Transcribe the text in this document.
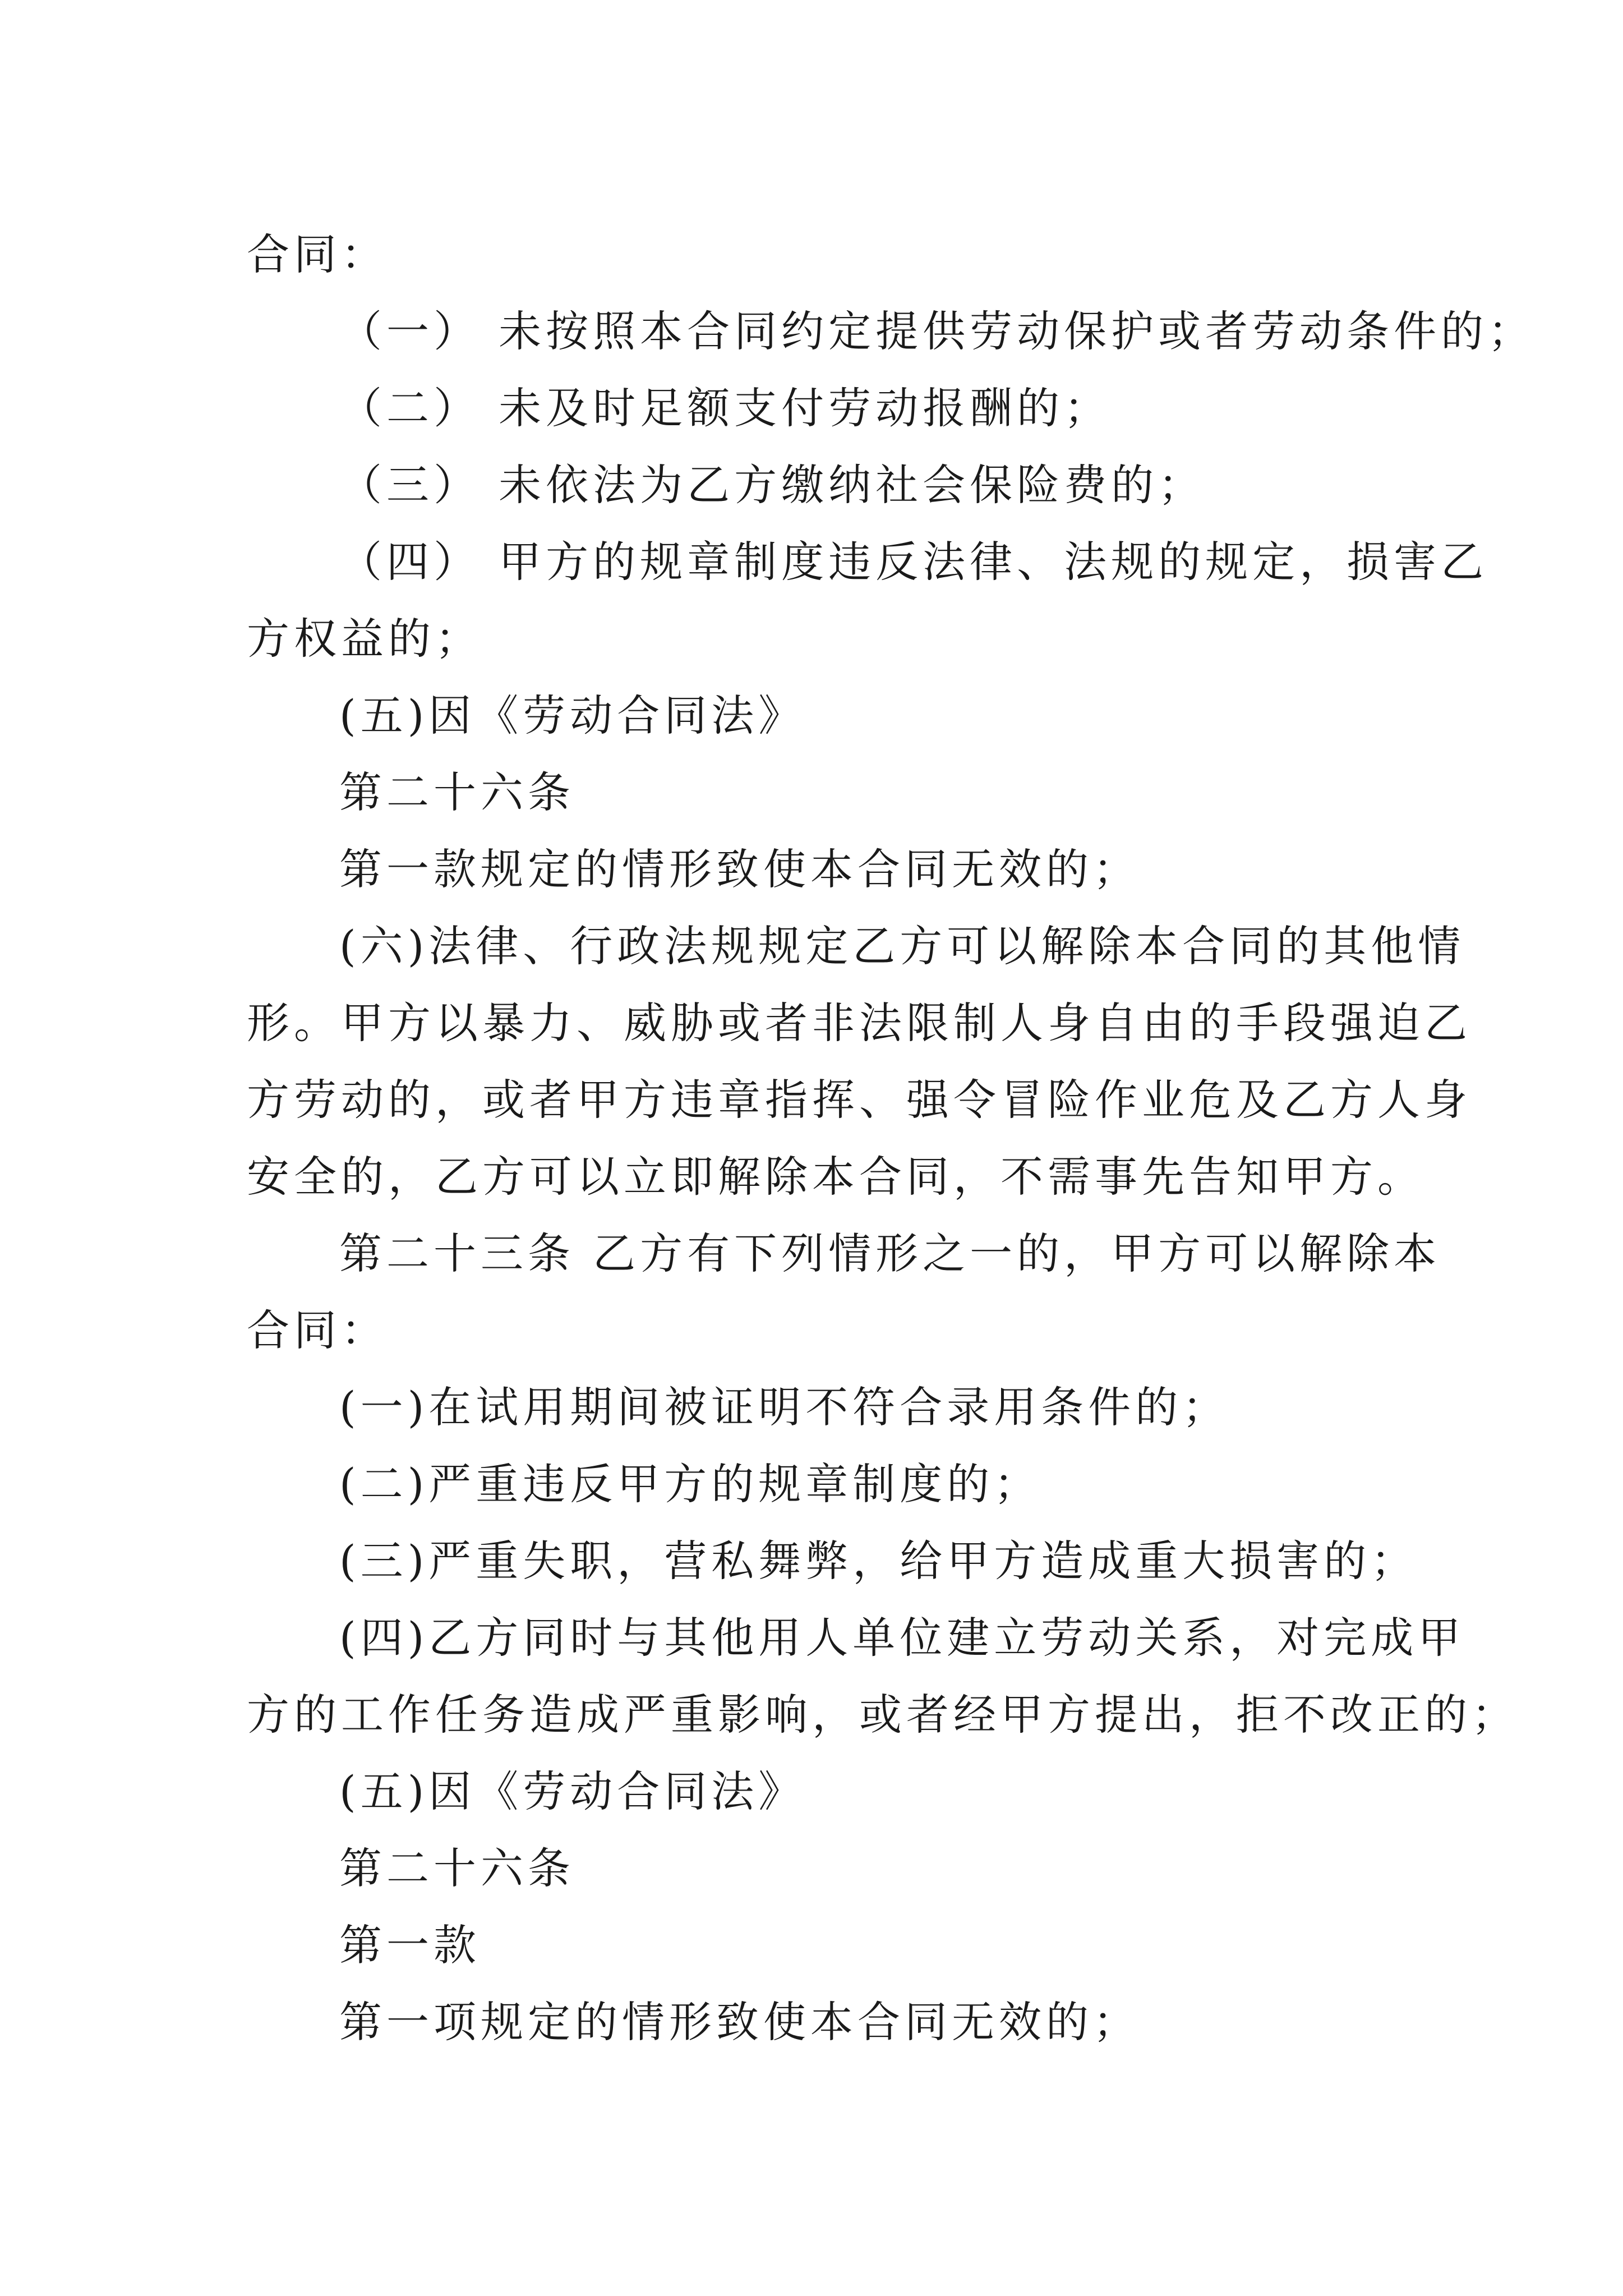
合同：
（一） 未按照本合同约定提供劳动保护或者劳动条件的；
（二） 未及时足额支付劳动报酬的；
（三） 未依法为乙方缴纳社会保险费的；
（四） 甲方的规章制度违反法律、法规的规定，损害乙
方权益的；
(五)因《劳动合同法》
第二十六条
第一款规定的情形致使本合同无效的；
(六)法律、行政法规规定乙方可以解除本合同的其他情
形。甲方以暴力、威胁或者非法限制人身自由的手段强迫乙
方劳动的，或者甲方违章指挥、强令冒险作业危及乙方人身
安全的，乙方可以立即解除本合同，不需事先告知甲方。
第二十三条 乙方有下列情形之一的，甲方可以解除本
合同：
(一)在试用期间被证明不符合录用条件的；
(二)严重违反甲方的规章制度的；
(三)严重失职，营私舞弊，给甲方造成重大损害的；
(四)乙方同时与其他用人单位建立劳动关系，对完成甲
方的工作任务造成严重影响，或者经甲方提出，拒不改正的；
(五)因《劳动合同法》
第二十六条
第一款
第一项规定的情形致使本合同无效的；
